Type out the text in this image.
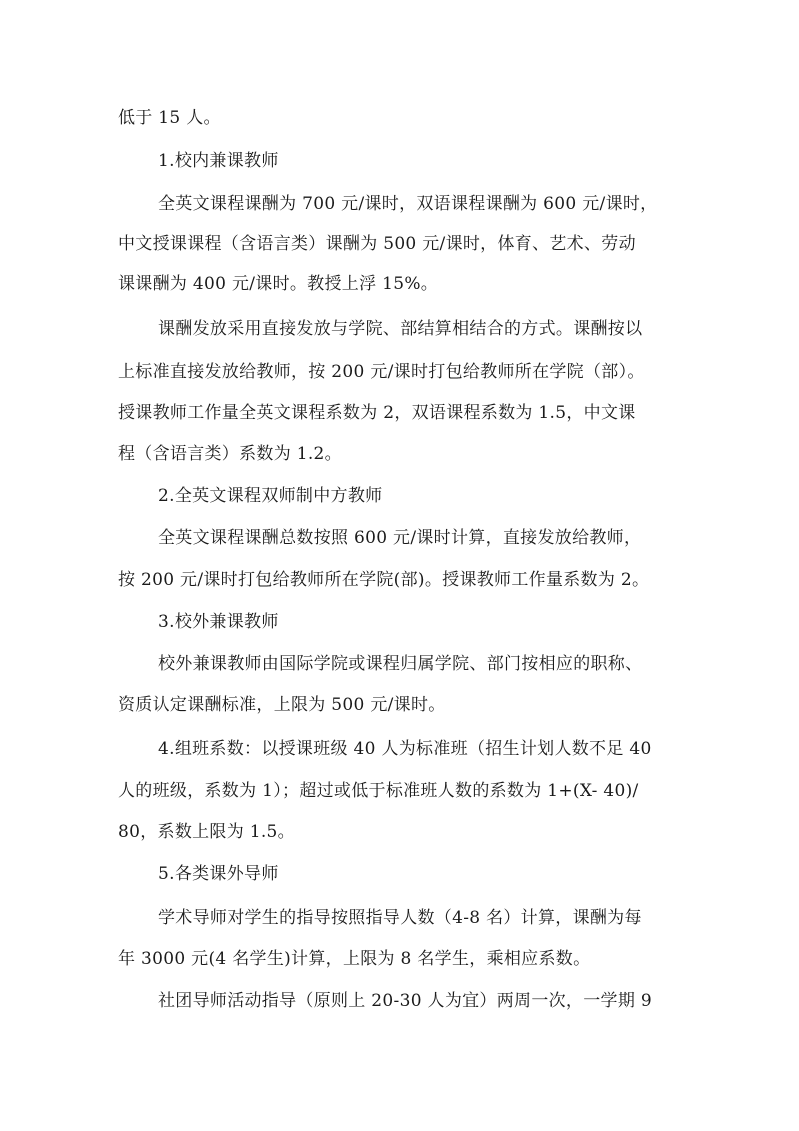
低于 15 人。
1.校内兼课教师
全英文课程课酬为 700 元/课时，双语课程课酬为 600 元/课时，
中文授课课程（含语言类）课酬为 500 元/课时，体育、艺术、劳动
课课酬为 400 元/课时。教授上浮 15%。
课酬发放采用直接发放与学院、部结算相结合的方式。课酬按以
上标准直接发放给教师，按 200 元/课时打包给教师所在学院（部）。
授课教师工作量全英文课程系数为 2，双语课程系数为 1.5，中文课
程（含语言类）系数为 1.2。
2.全英文课程双师制中方教师
全英文课程课酬总数按照 600 元/课时计算，直接发放给教师，
按 200 元/课时打包给教师所在学院(部)。授课教师工作量系数为 2。
3.校外兼课教师
校外兼课教师由国际学院或课程归属学院、部门按相应的职称、
资质认定课酬标准，上限为 500 元/课时。
4.组班系数：以授课班级 40 人为标准班（招生计划人数不足 40
人的班级，系数为 1）；超过或低于标准班人数的系数为 1+(X- 40)/
80，系数上限为 1.5。
5.各类课外导师
学术导师对学生的指导按照指导人数（4-8 名）计算，课酬为每
年 3000 元(4 名学生)计算，上限为 8 名学生，乘相应系数。
社团导师活动指导（原则上 20-30 人为宜）两周一次，一学期 9
